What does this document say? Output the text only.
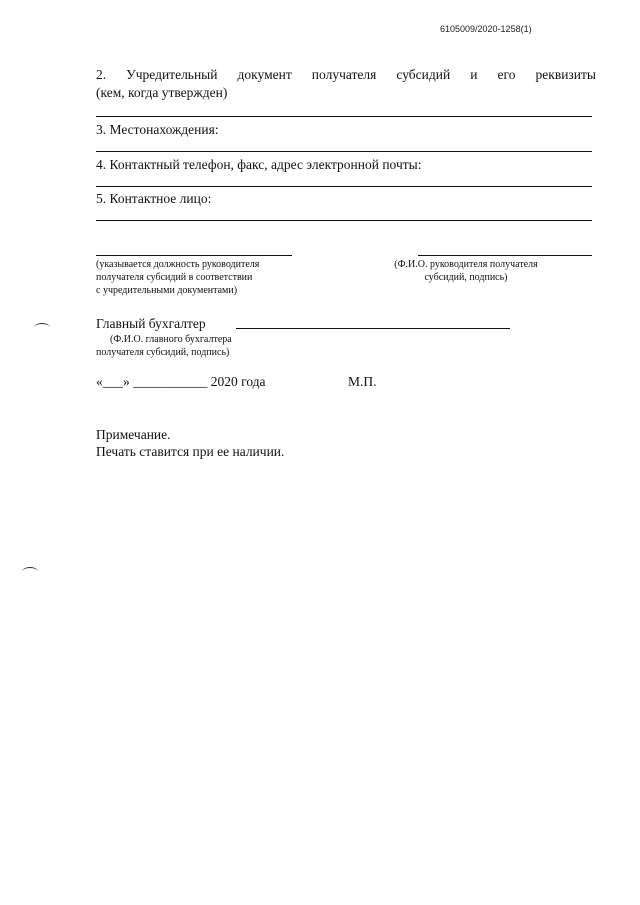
6105009/2020-1258(1)
2. Учредительный документ получателя субсидий и его реквизиты
(кем, когда утвержден)
3. Местонахождения:
4. Контактный телефон, факс, адрес электронной почты:
5. Контактное лицо:
(указывается должность руководителя
получателя субсидий в соответствии
с учредительными документами)
(Ф.И.О. руководителя получателя
субсидий, подпись)
Главный бухгалтер
(Ф.И.О. главного бухгалтера
получателя субсидий, подпись)
«___» ___________ 2020 года	М.П.
Примечание.
Печать ставится при ее наличии.
